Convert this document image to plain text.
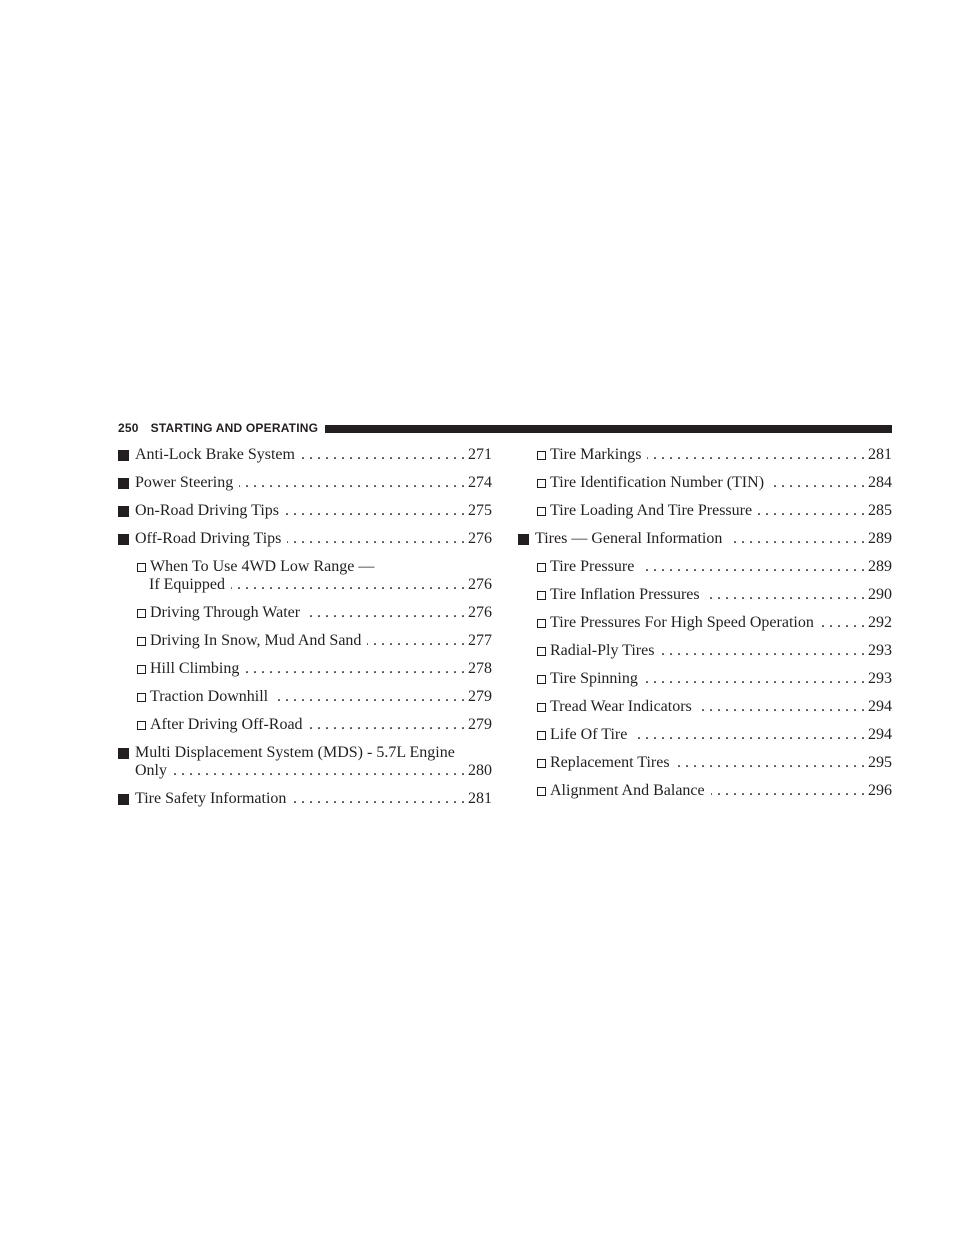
250 STARTING AND OPERATING
Anti-Lock Brake System . . .	271
Power Steering . . .	274
On-Road Driving Tips . . .	275
Off-Road Driving Tips . . .	276
When To Use 4WD Low Range —
If Equipped . . .	276
Driving Through Water . . .	276
Driving In Snow, Mud And Sand . . .	277
Hill Climbing . . .	278
Traction Downhill . . .	279
After Driving Off-Road . . .	279
Multi Displacement System (MDS) - 5.7L Engine
Only . . .	280
Tire Safety Information . . .	281
Tire Markings . . .	281
Tire Identification Number (TIN) . . .	284
Tire Loading And Tire Pressure . . .	285
Tires — General Information . . .	289
Tire Pressure . . .	289
Tire Inflation Pressures . . .	290
Tire Pressures For High Speed Operation . . .	292
Radial-Ply Tires . . .	293
Tire Spinning . . .	293
Tread Wear Indicators . . .	294
Life Of Tire . . .	294
Replacement Tires . . .	295
Alignment And Balance . . .	296
